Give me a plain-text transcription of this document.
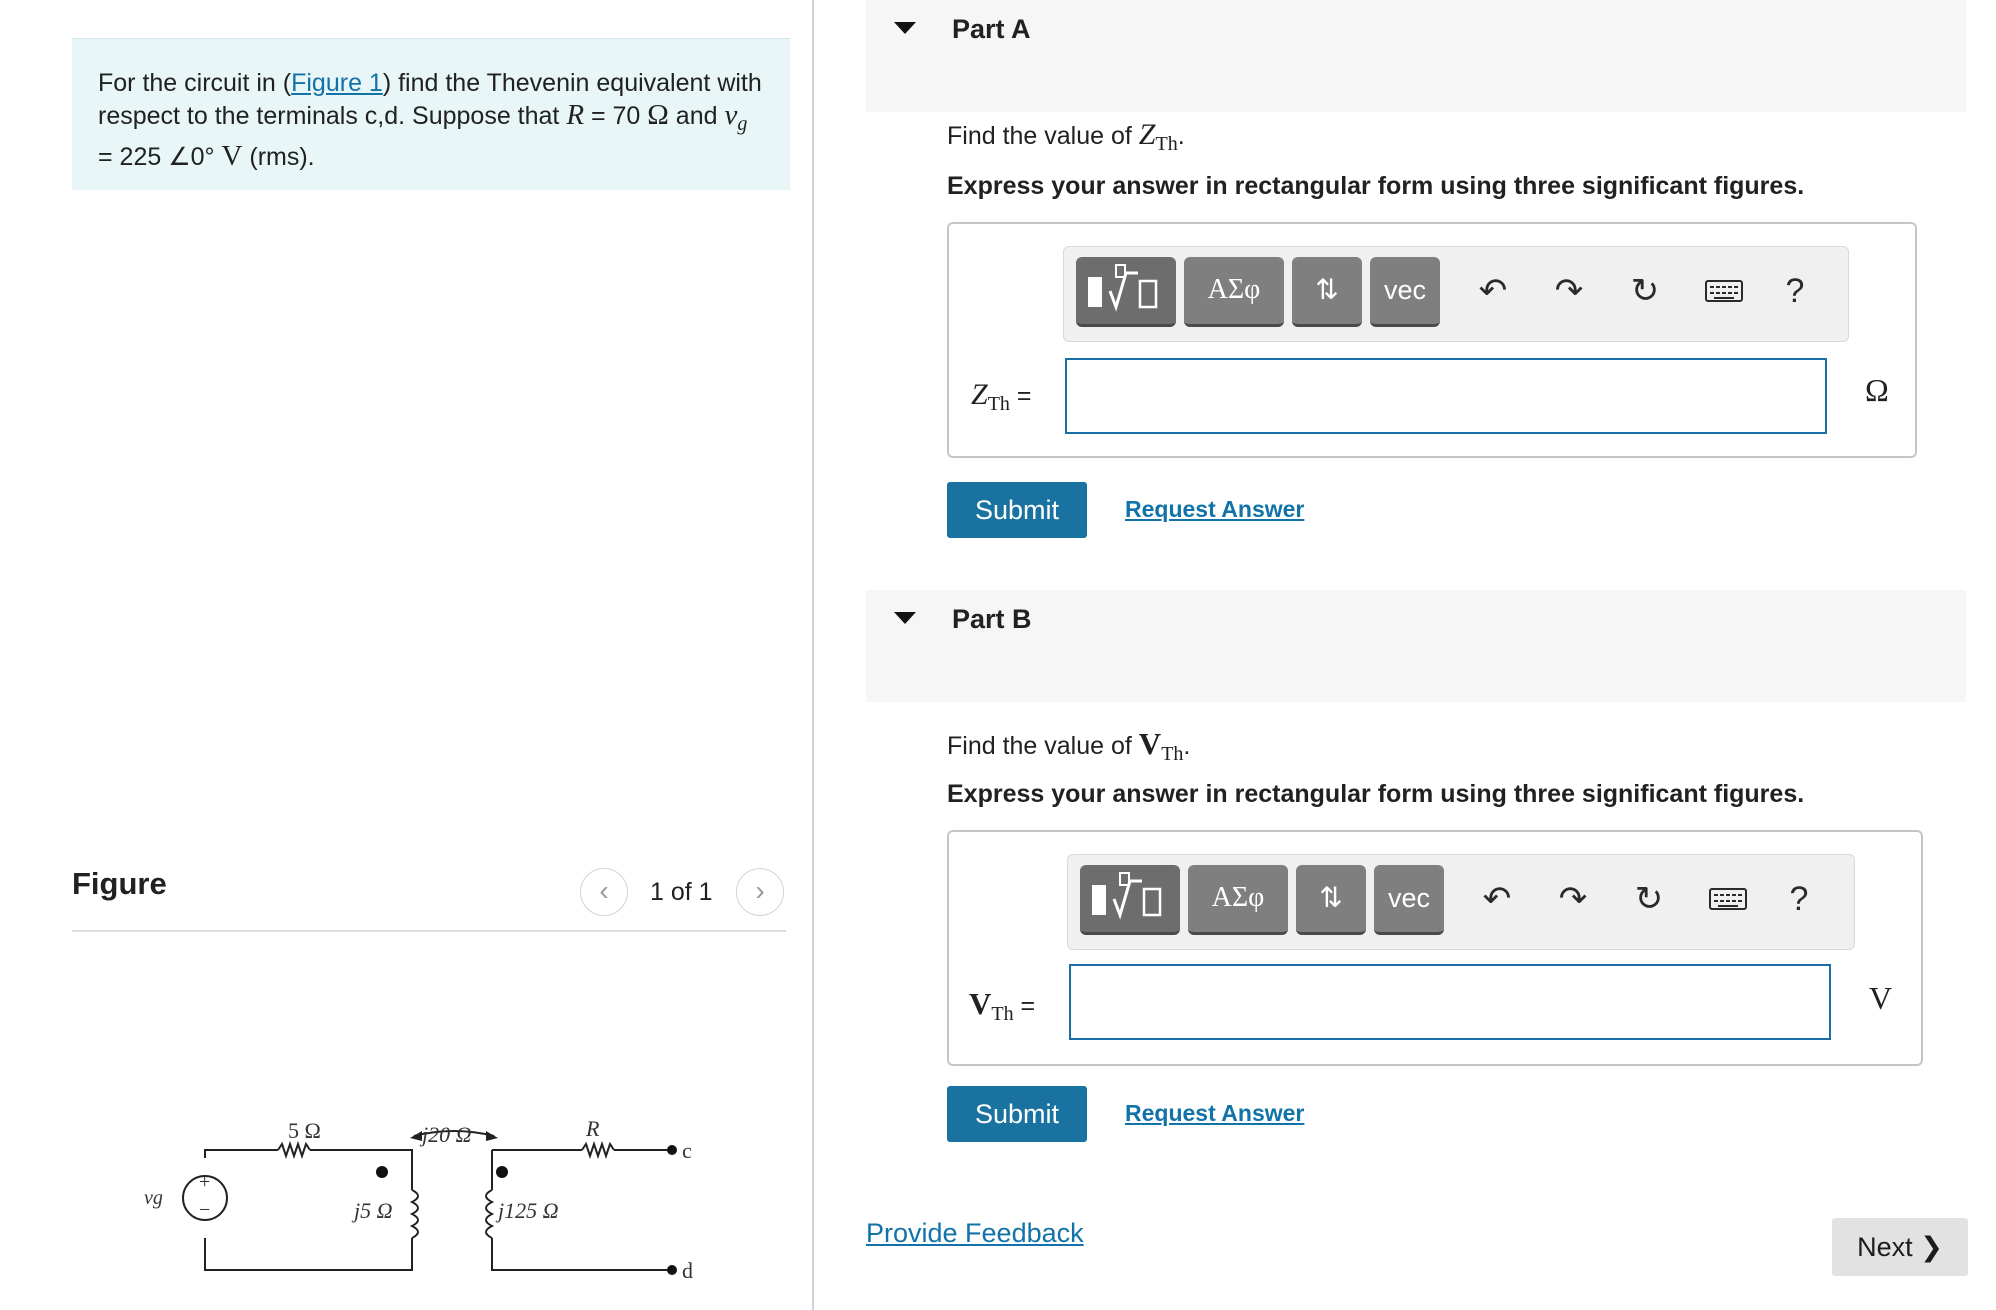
For the circuit in (Figure 1) find the Thevenin equivalent with respect to the terminals c,d. Suppose that R = 70 Ω and $v_g = 225$ ∠0° V (rms).
Figure	‹	1 of 1	›
5 Ω	j20 Ω	R
j5 Ω	j125 Ω
vg
+
−
c
d
Part A
Find the value of $Z_{Th}$.
Express your answer in rectangular form using three significant figures.
ΑΣφ	⇅	vec	↶ ↷ ↻	?
$Z_{Th}$ =	Ω
Submit	Request Answer
Part B
Find the value of $V_{Th}$.
Express your answer in rectangular form using three significant figures.
ΑΣφ	⇅	vec	↶ ↷ ↻	?
$V_{Th}$ =	V
Submit	Request Answer
Provide Feedback	Next ❯
